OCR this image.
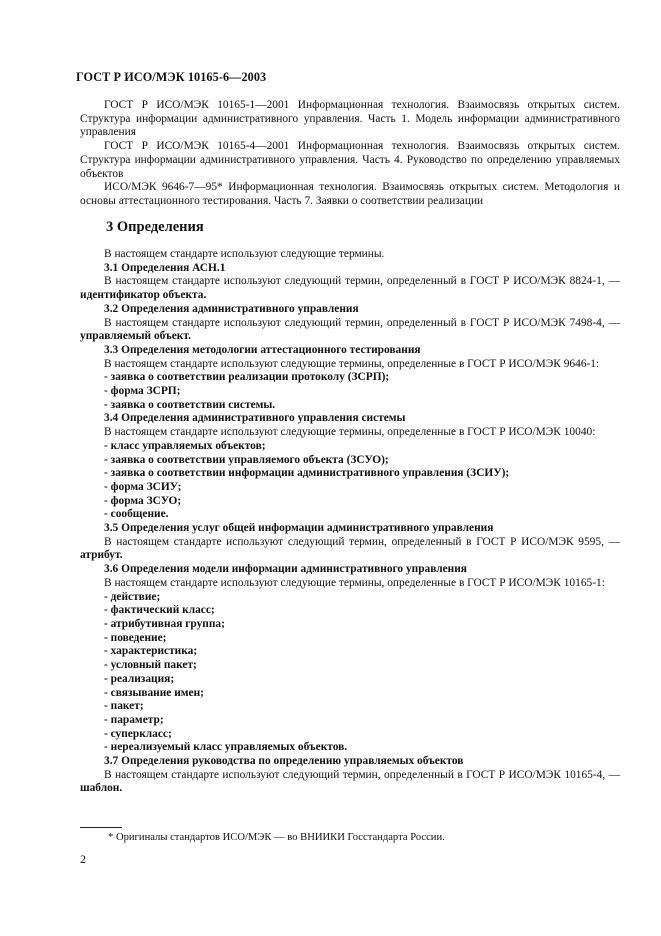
ГОСТ Р ИСО/МЭК 10165-6—2003

ГОСТ Р ИСО/МЭК 10165-1—2001 Информационная технология. Взаимосвязь открытых систем. Структура информации административного управления. Часть 1. Модель информации административного управления

ГОСТ Р ИСО/МЭК 10165-4—2001 Информационная технология. Взаимосвязь открытых систем. Структура информации административного управления. Часть 4. Руководство по определению управляемых объектов

ИСО/МЭК 9646-7—95* Информационная технология. Взаимосвязь открытых систем. Методология и основы аттестационного тестирования. Часть 7. Заявки о соответствии реализации

3 Определения

В настоящем стандарте используют следующие термины.

3.1 Определения АСН.1

В настоящем стандарте используют следующий термин, определенный в ГОСТ Р ИСО/МЭК 8824-1, — идентификатор объекта.

3.2 Определения административного управления

В настоящем стандарте используют следующий термин, определенный в ГОСТ Р ИСО/МЭК 7498-4, — управляемый объект.

3.3 Определения методологии аттестационного тестирования

В настоящем стандарте используют следующие термины, определенные в ГОСТ Р ИСО/МЭК 9646-1:

- заявка о соответствии реализации протоколу (ЗСРП);

- форма ЗСРП;

- заявка о соответствии системы.

3.4 Определения административного управления системы

В настоящем стандарте используют следующие термины, определенные в ГОСТ Р ИСО/МЭК 10040:

- класс управляемых объектов;

- заявка о соответствии управляемого объекта (ЗСУО);

- заявка о соответствии информации административного управления (ЗСИУ);

- форма ЗСИУ;

- форма ЗСУО;

- сообщение.

3.5 Определения услуг общей информации административного управления

В настоящем стандарте используют следующий термин, определенный в ГОСТ Р ИСО/МЭК 9595, — атрибут.

3.6 Определения модели информации административного управления

В настоящем стандарте используют следующие термины, определенные в ГОСТ Р ИСО/МЭК 10165-1:

- действие;

- фактический класс;

- атрибутивная группа;

- поведение;

- характеристика;

- условный пакет;

- реализация;

- связывание имен;

- пакет;

- параметр;

- суперкласс;

- нереализуемый класс управляемых объектов.

3.7 Определения руководства по определению управляемых объектов

В настоящем стандарте используют следующий термин, определенный в ГОСТ Р ИСО/МЭК 10165-4, — шаблон.

* Оригиналы стандартов ИСО/МЭК — во ВНИИКИ Госстандарта России.
2
